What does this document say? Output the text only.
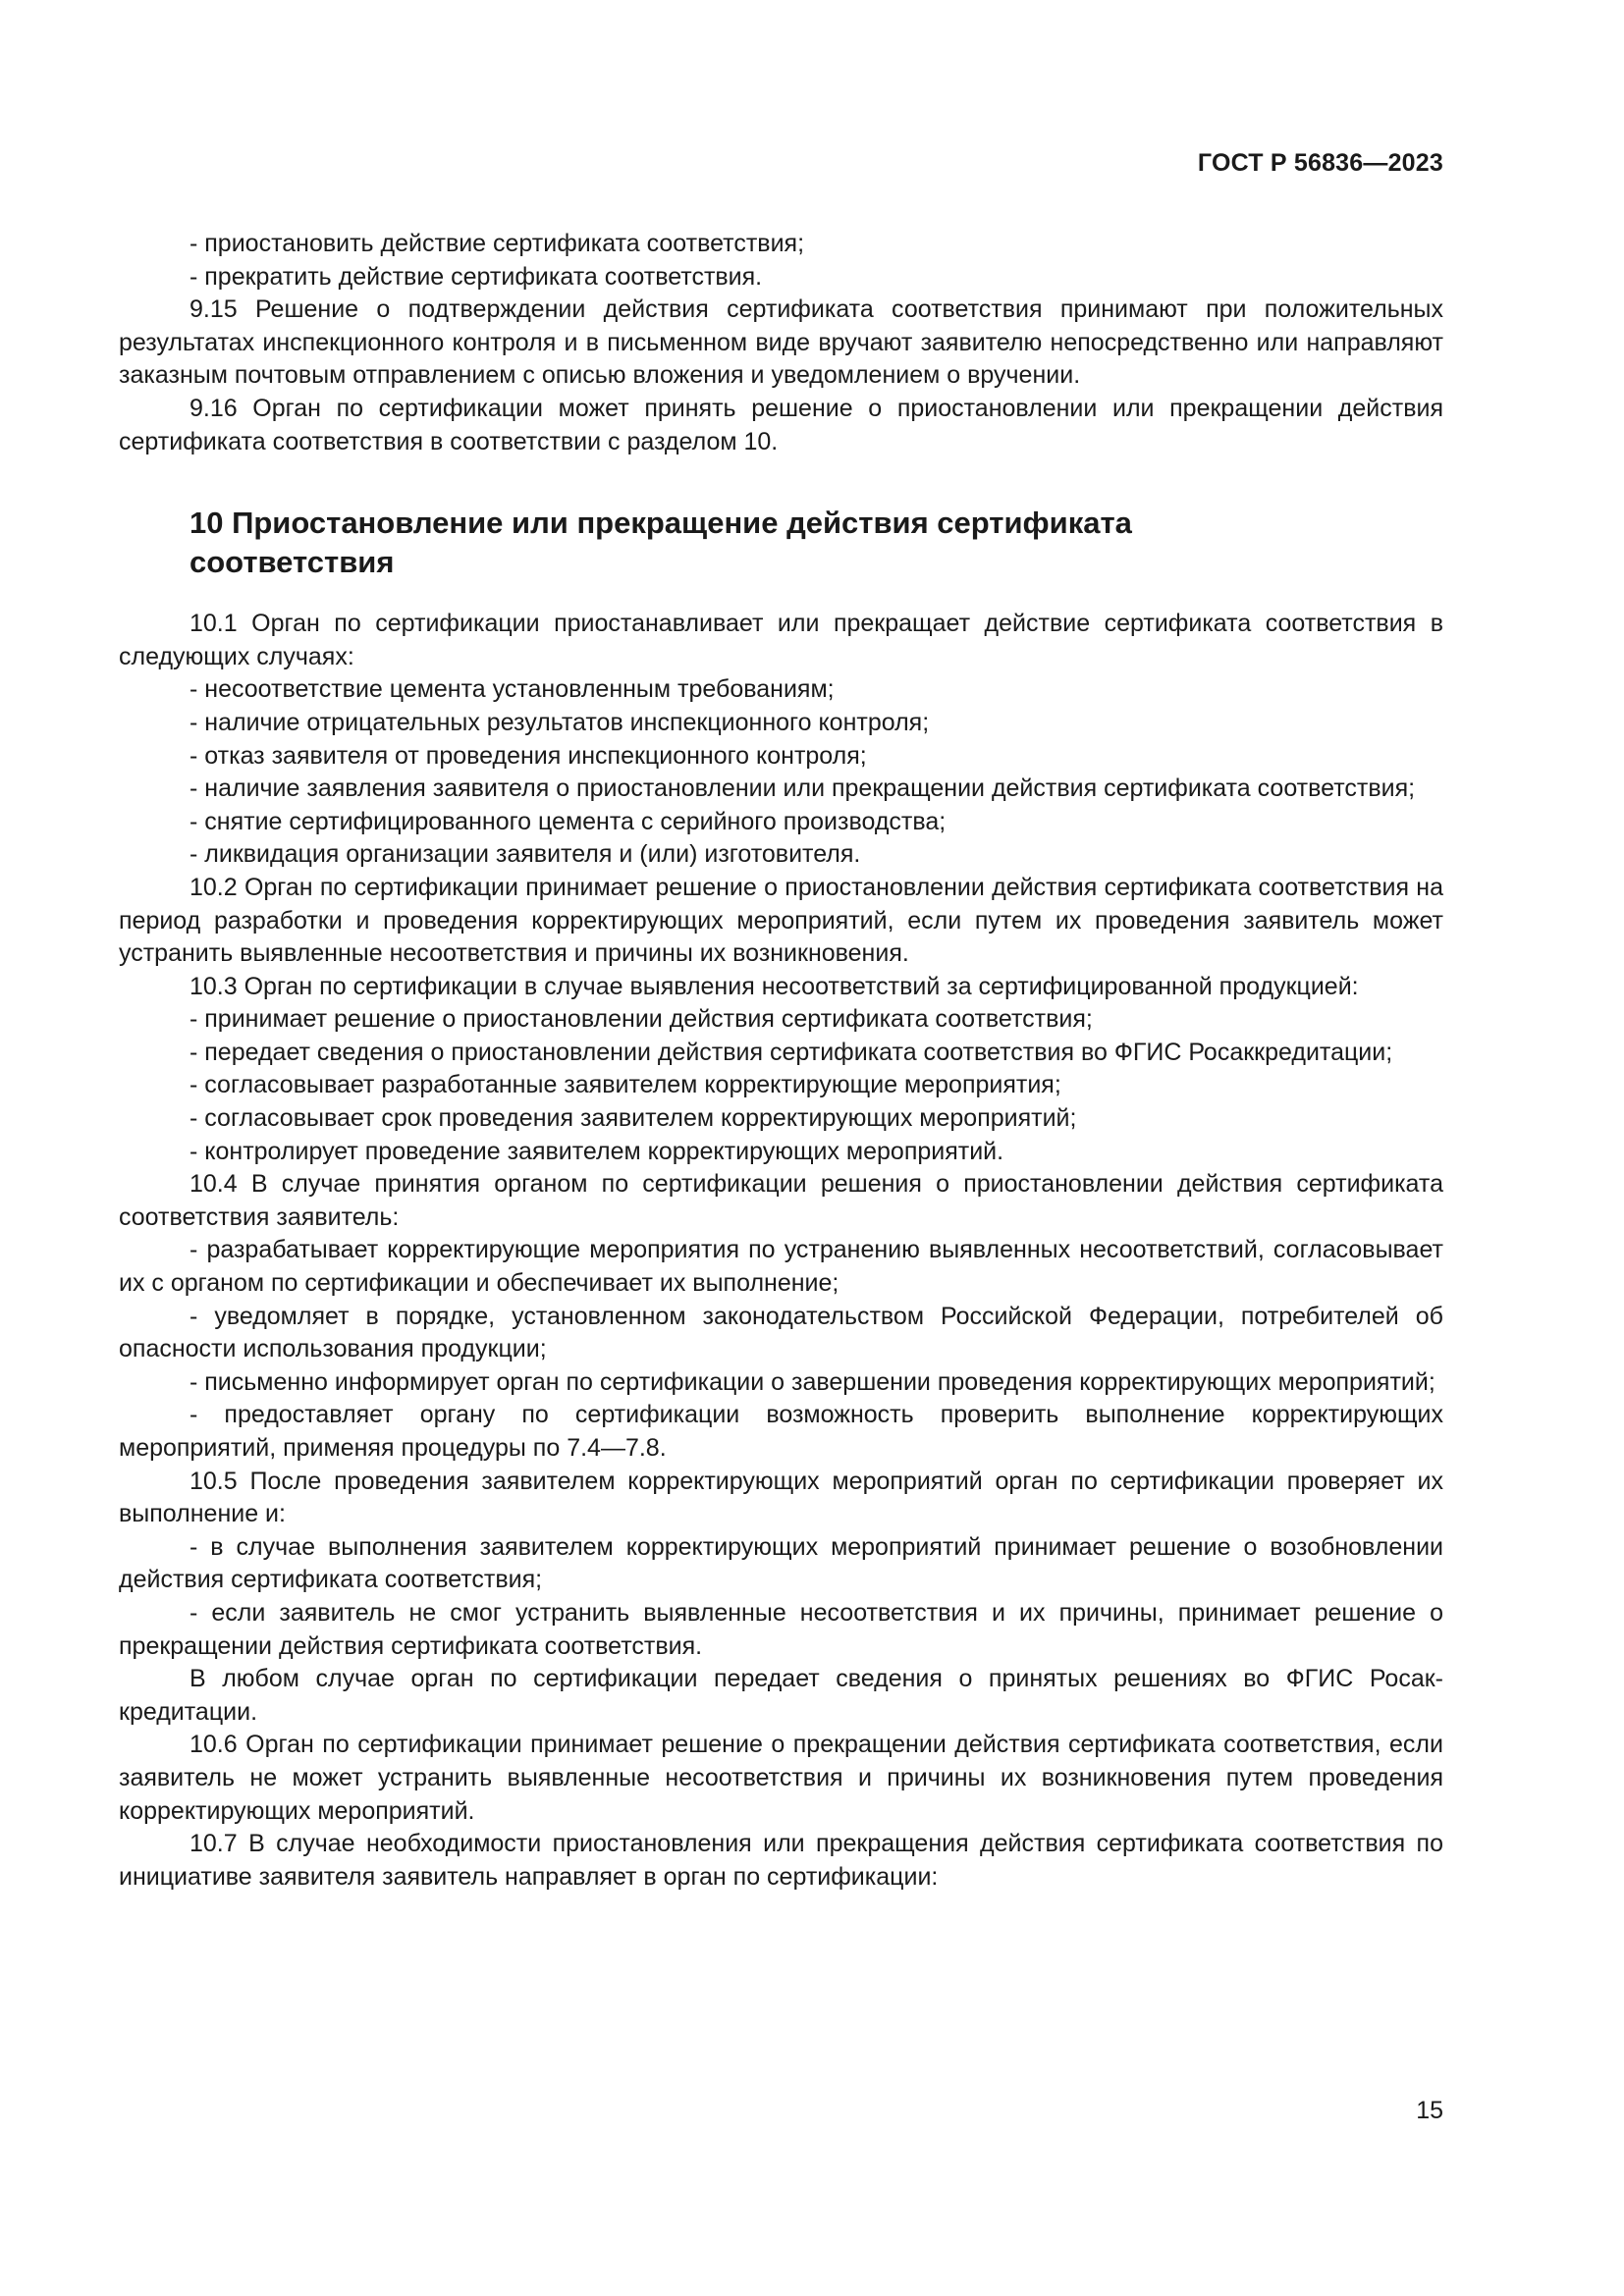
ГОСТ Р 56836—2023

- приостановить действие сертификата соответствия;

- прекратить действие сертификата соответствия.

9.15 Решение о подтверждении действия сертификата соответствия принимают при положительных результатах инспекционного контроля и в письменном виде вручают заявителю непосредственно или направляют заказным почтовым отправлением с описью вложения и уведомлением о вручении.

9.16 Орган по сертификации может принять решение о приостановлении или прекращении действия сертификата соответствия в соответствии с разделом 10.

10 Приостановление или прекращение действия сертификата соответствия

10.1 Орган по сертификации приостанавливает или прекращает действие сертификата соответствия в следующих случаях:

- несоответствие цемента установленным требованиям;

- наличие отрицательных результатов инспекционного контроля;

- отказ заявителя от проведения инспекционного контроля;

- наличие заявления заявителя о приостановлении или прекращении действия сертификата соответствия;

- снятие сертифицированного цемента с серийного производства;

- ликвидация организации заявителя и (или) изготовителя.

10.2 Орган по сертификации принимает решение о приостановлении действия сертификата соответствия на период разработки и проведения корректирующих мероприятий, если путем их проведения заявитель может устранить выявленные несоответствия и причины их возникновения.

10.3 Орган по сертификации в случае выявления несоответствий за сертифицированной продукцией:

- принимает решение о приостановлении действия сертификата соответствия;

- передает сведения о приостановлении действия сертификата соответствия во ФГИС Росаккредитации;

- согласовывает разработанные заявителем корректирующие мероприятия;

- согласовывает срок проведения заявителем корректирующих мероприятий;

- контролирует проведение заявителем корректирующих мероприятий.

10.4 В случае принятия органом по сертификации решения о приостановлении действия сертификата соответствия заявитель:

- разрабатывает корректирующие мероприятия по устранению выявленных несоответствий, согласовывает их с органом по сертификации и обеспечивает их выполнение;

- уведомляет в порядке, установленном законодательством Российской Федерации, потребителей об опасности использования продукции;

- письменно информирует орган по сертификации о завершении проведения корректирующих мероприятий;

- предоставляет органу по сертификации возможность проверить выполнение корректирующих мероприятий, применяя процедуры по 7.4—7.8.

10.5 После проведения заявителем корректирующих мероприятий орган по сертификации проверяет их выполнение и:

- в случае выполнения заявителем корректирующих мероприятий принимает решение о возобновлении действия сертификата соответствия;

- если заявитель не смог устранить выявленные несоответствия и их причины, принимает решение о прекращении действия сертификата соответствия.

В любом случае орган по сертификации передает сведения о принятых решениях во ФГИС Росаккредитации.

10.6 Орган по сертификации принимает решение о прекращении действия сертификата соответствия, если заявитель не может устранить выявленные несоответствия и причины их возникновения путем проведения корректирующих мероприятий.

10.7 В случае необходимости приостановления или прекращения действия сертификата соответствия по инициативе заявителя заявитель направляет в орган по сертификации:

15
